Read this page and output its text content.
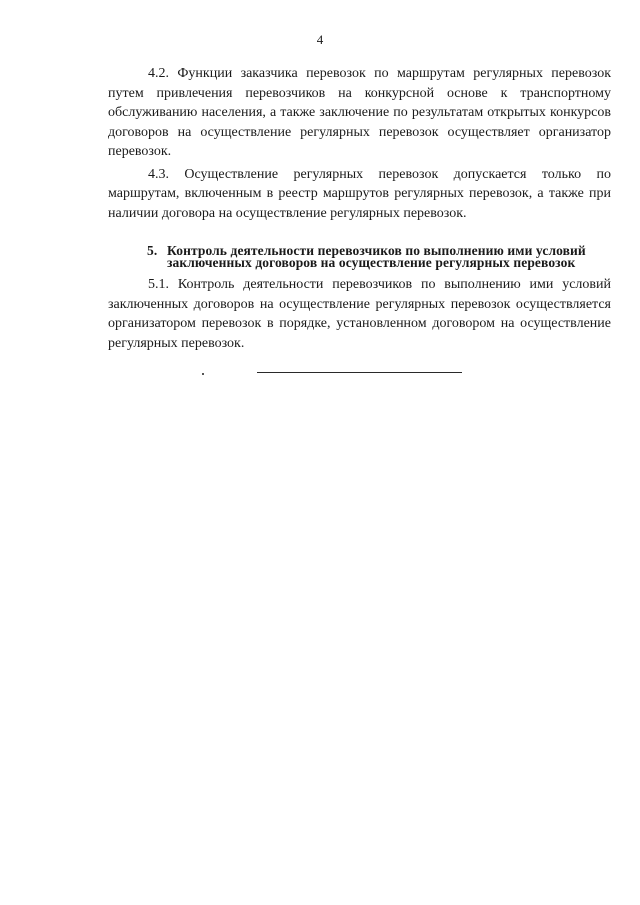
4

4.2. Функции заказчика перевозок по маршрутам регулярных перевозок путем привлечения перевозчиков на конкурсной основе к транспортному обслуживанию населения, а также заключение по результатам открытых конкурсов договоров на осуществление регулярных перевозок осуществляет организатор перевозок.

4.3. Осуществление регулярных перевозок допускается только по маршрутам, включенным в реестр маршрутов регулярных перевозок, а также при наличии договора на осуществление регулярных перевозок.

5. Контроль деятельности перевозчиков по выполнению ими условий заключенных договоров на осуществление регулярных перевозок

5.1. Контроль деятельности перевозчиков по выполнению ими условий заключенных договоров на осуществление регулярных перевозок осуществляется организатором перевозок в порядке, установленном договором на осуществление регулярных перевозок.
